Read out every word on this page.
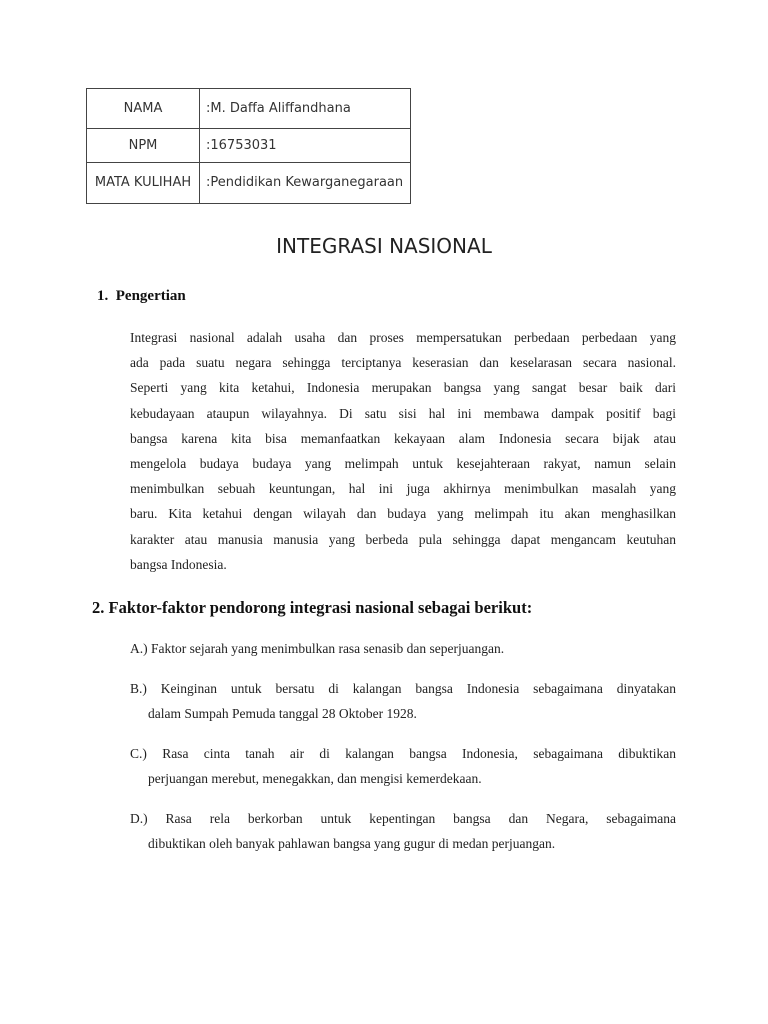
NAMA	:M. Daffa Aliffandhana
NPM	:16753031
MATA KULIHAH	:Pendidikan Kewarganegaraan
INTEGRASI NASIONAL
1.  Pengertian
2. Faktor-faktor pendorong integrasi nasional sebagai berikut:
Integrasi nasional adalah usaha dan proses mempersatukan perbedaan perbedaan yang
ada pada suatu negara sehingga terciptanya keserasian dan keselarasan secara nasional.
Seperti yang kita ketahui, Indonesia merupakan bangsa yang sangat besar baik dari
kebudayaan ataupun wilayahnya. Di satu sisi hal ini membawa dampak positif bagi
bangsa karena kita bisa memanfaatkan kekayaan alam Indonesia secara bijak atau
mengelola budaya budaya yang melimpah untuk kesejahteraan rakyat, namun selain
menimbulkan sebuah keuntungan, hal ini juga akhirnya menimbulkan masalah yang
baru. Kita ketahui dengan wilayah dan budaya yang melimpah itu akan menghasilkan
karakter atau manusia manusia yang berbeda pula sehingga dapat mengancam keutuhan
bangsa Indonesia.
A.) Faktor sejarah yang menimbulkan rasa senasib dan seperjuangan.
B.) Keinginan untuk bersatu di kalangan bangsa Indonesia sebagaimana dinyatakan
dalam Sumpah Pemuda tanggal 28 Oktober 1928.
C.) Rasa cinta tanah air di kalangan bangsa Indonesia, sebagaimana dibuktikan
perjuangan merebut, menegakkan, dan mengisi kemerdekaan.
D.) Rasa rela berkorban untuk kepentingan bangsa dan Negara, sebagaimana
dibuktikan oleh banyak pahlawan bangsa yang gugur di medan perjuangan.
